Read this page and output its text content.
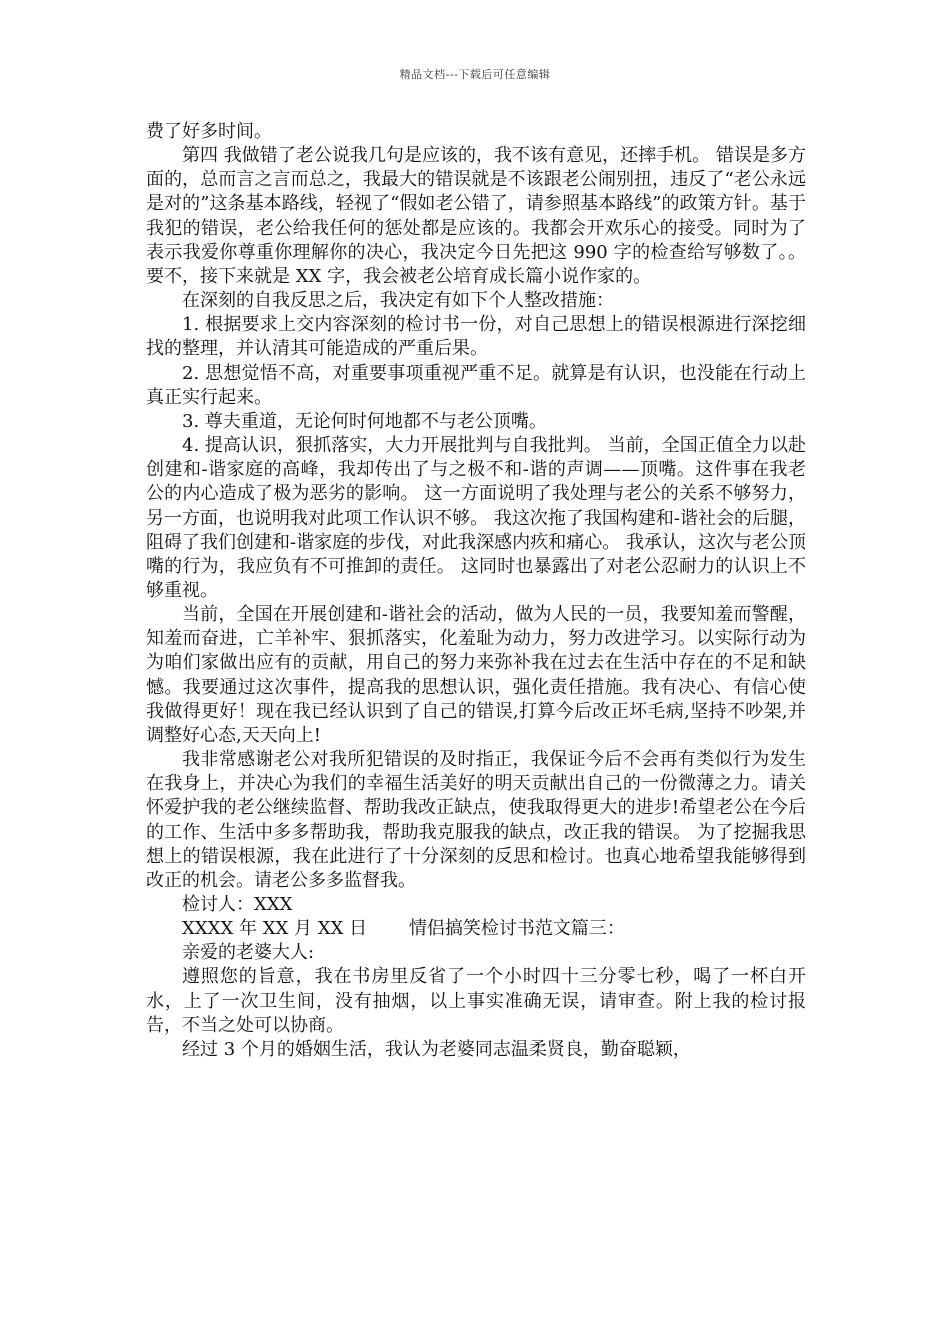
精品文档---下载后可任意编辑

费了好多时间。

第四 我做错了老公说我几句是应该的，我不该有意见，还摔手机。 错误是多方面的，总而言之言而总之，我最大的错误就是不该跟老公闹别扭，违反了“老公永远是对的”这条基本路线，轻视了“假如老公错了，请参照基本路线”的政策方针。基于我犯的错误，老公给我任何的惩处都是应该的。我都会开欢乐心的接受。同时为了表示我爱你尊重你理解你的决心，我决定今日先把这 990 字的检查给写够数了。。要不，接下来就是 XX 字，我会被老公培育成长篇小说作家的。

在深刻的自我反思之后，我决定有如下个人整改措施：

1. 根据要求上交内容深刻的检讨书一份，对自己思想上的错误根源进行深挖细找的整理，并认清其可能造成的严重后果。

2. 思想觉悟不高，对重要事项重视严重不足。就算是有认识，也没能在行动上真正实行起来。

3. 尊夫重道，无论何时何地都不与老公顶嘴。

4. 提高认识，狠抓落实，大力开展批判与自我批判。 当前，全国正值全力以赴创建和-谐家庭的高峰，我却传出了与之极不和-谐的声调——顶嘴。这件事在我老公的内心造成了极为恶劣的影响。 这一方面说明了我处理与老公的关系不够努力，另一方面，也说明我对此项工作认识不够。 我这次拖了我国构建和-谐社会的后腿，阻碍了我们创建和-谐家庭的步伐，对此我深感内疚和痛心。 我承认，这次与老公顶嘴的行为，我应负有不可推卸的责任。 这同时也暴露出了对老公忍耐力的认识上不够重视。

当前，全国在开展创建和-谐社会的活动，做为人民的一员，我要知羞而警醒，知羞而奋进，亡羊补牢、狠抓落实，化羞耻为动力，努力改进学习。以实际行动为为咱们家做出应有的贡献，用自己的努力来弥补我在过去在生活中存在的不足和缺憾。我要通过这次事件，提高我的思想认识，强化责任措施。我有决心、有信心使我做得更好！现在我已经认识到了自己的错误,打算今后改正坏毛病,坚持不吵架,并调整好心态,天天向上!

我非常感谢老公对我所犯错误的及时指正，我保证今后不会再有类似行为发生在我身上，并决心为我们的幸福生活美好的明天贡献出自己的一份微薄之力。请关怀爱护我的老公继续监督、帮助我改正缺点，使我取得更大的进步!希望老公在今后的工作、生活中多多帮助我，帮助我克服我的缺点，改正我的错误。 为了挖掘我思想上的错误根源，我在此进行了十分深刻的反思和检讨。也真心地希望我能够得到改正的机会。请老公多多监督我。

检讨人：XXX

XXXX 年 XX 月 XX 日　　 情侣搞笑检讨书范文篇三：

亲爱的老婆大人:

遵照您的旨意，我在书房里反省了一个小时四十三分零七秒，喝了一杯白开水，上了一次卫生间，没有抽烟，以上事实准确无误，请审查。附上我的检讨报告，不当之处可以协商。

经过 3 个月的婚姻生活，我认为老婆同志温柔贤良，勤奋聪颖，
